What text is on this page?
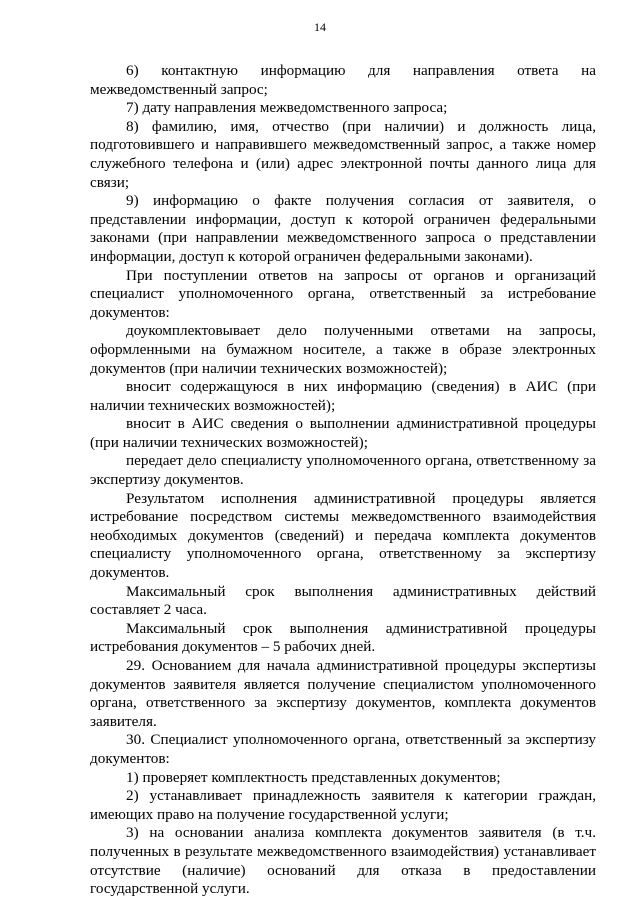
14

6) контактную информацию для направления ответа на межведомственный запрос;

7) дату направления межведомственного запроса;

8) фамилию, имя, отчество (при наличии) и должность лица, подготовившего и направившего межведомственный запрос, а также номер служебного телефона и (или) адрес электронной почты данного лица для связи;

9) информацию о факте получения согласия от заявителя, о представлении информации, доступ к которой ограничен федеральными законами (при направлении межведомственного запроса о представлении информации, доступ к которой ограничен федеральными законами).

При поступлении ответов на запросы от органов и организаций специалист уполномоченного органа, ответственный за истребование документов:

доукомплектовывает дело полученными ответами на запросы, оформленными на бумажном носителе, а также в образе электронных документов (при наличии технических возможностей);

вносит содержащуюся в них информацию (сведения) в АИС (при наличии технических возможностей);

вносит в АИС сведения о выполнении административной процедуры (при наличии технических возможностей);

передает дело специалисту уполномоченного органа, ответственному за экспертизу документов.

Результатом исполнения административной процедуры является истребование посредством системы межведомственного взаимодействия необходимых документов (сведений) и передача комплекта документов специалисту уполномоченного органа, ответственному за экспертизу документов.

Максимальный срок выполнения административных действий составляет 2 часа.

Максимальный срок выполнения административной процедуры истребования документов – 5 рабочих дней.

29. Основанием для начала административной процедуры экспертизы документов заявителя является получение специалистом уполномоченного органа, ответственного за экспертизу документов, комплекта документов заявителя.

30. Специалист уполномоченного органа, ответственный за экспертизу документов:

1) проверяет комплектность представленных документов;

2) устанавливает принадлежность заявителя к категории граждан, имеющих право на получение государственной услуги;

3) на основании анализа комплекта документов заявителя (в т.ч. полученных в результате межведомственного взаимодействия) устанавливает отсутствие (наличие) оснований для отказа в предоставлении государственной услуги.
